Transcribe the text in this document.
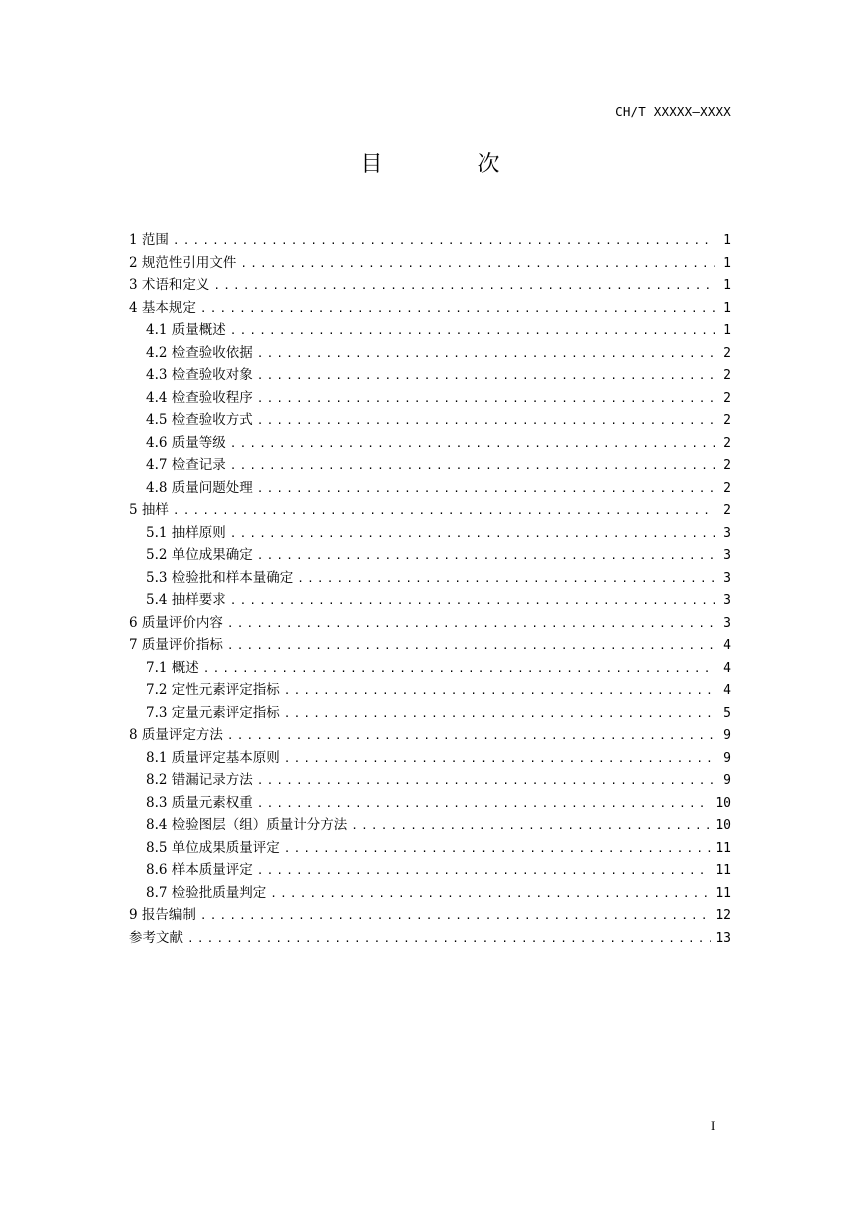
CH/T XXXXX—XXXX
目 次
1 范围 .....	1
2 规范性引用文件 .....	1
3 术语和定义 .....	1
4 基本规定 .....	1
4.1 质量概述 .....	1
4.2 检查验收依据 .....	2
4.3 检查验收对象 .....	2
4.4 检查验收程序 .....	2
4.5 检查验收方式 .....	2
4.6 质量等级 .....	2
4.7 检查记录 .....	2
4.8 质量问题处理 .....	2
5 抽样 .....	2
5.1 抽样原则 .....	3
5.2 单位成果确定 .....	3
5.3 检验批和样本量确定 .....	3
5.4 抽样要求 .....	3
6 质量评价内容 .....	3
7 质量评价指标 .....	4
7.1 概述 .....	4
7.2 定性元素评定指标 .....	4
7.3 定量元素评定指标 .....	5
8 质量评定方法 .....	9
8.1 质量评定基本原则 .....	9
8.2 错漏记录方法 .....	9
8.3 质量元素权重 .....	10
8.4 检验图层（组）质量计分方法 .....	10
8.5 单位成果质量评定 .....	11
8.6 样本质量评定 .....	11
8.7 检验批质量判定 .....	11
9 报告编制 .....	12
参考文献 .....	13
I
